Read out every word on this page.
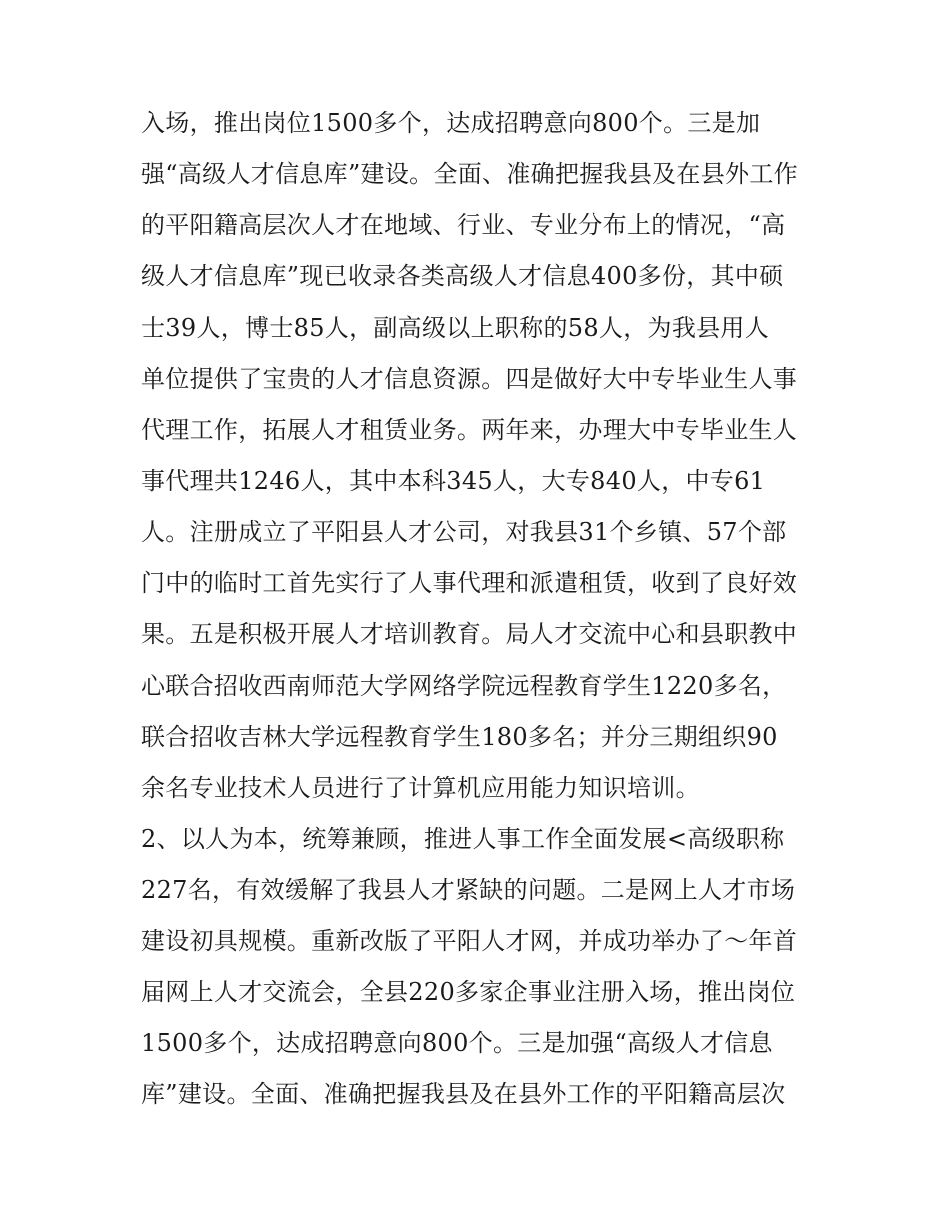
入场，推出岗位1500多个，达成招聘意向800个。三是加
强“高级人才信息库”建设。全面、准确把握我县及在县外工作
的平阳籍高层次人才在地域、行业、专业分布上的情况，“高
级人才信息库”现已收录各类高级人才信息400多份，其中硕
士39人，博士85人，副高级以上职称的58人，为我县用人
单位提供了宝贵的人才信息资源。四是做好大中专毕业生人事
代理工作，拓展人才租赁业务。两年来，办理大中专毕业生人
事代理共1246人，其中本科345人，大专840人，中专61
人。注册成立了平阳县人才公司，对我县31个乡镇、57个部
门中的临时工首先实行了人事代理和派遣租赁，收到了良好效
果。五是积极开展人才培训教育。局人才交流中心和县职教中
心联合招收西南师范大学网络学院远程教育学生1220多名，
联合招收吉林大学远程教育学生180多名；并分三期组织90
余名专业技术人员进行了计算机应用能力知识培训。
2、以人为本，统筹兼顾，推进人事工作全面发展<高级职称
227名，有效缓解了我县人才紧缺的问题。二是网上人才市场
建设初具规模。重新改版了平阳人才网，并成功举办了～年首
届网上人才交流会，全县220多家企事业注册入场，推出岗位
1500多个，达成招聘意向800个。三是加强“高级人才信息
库”建设。全面、准确把握我县及在县外工作的平阳籍高层次
